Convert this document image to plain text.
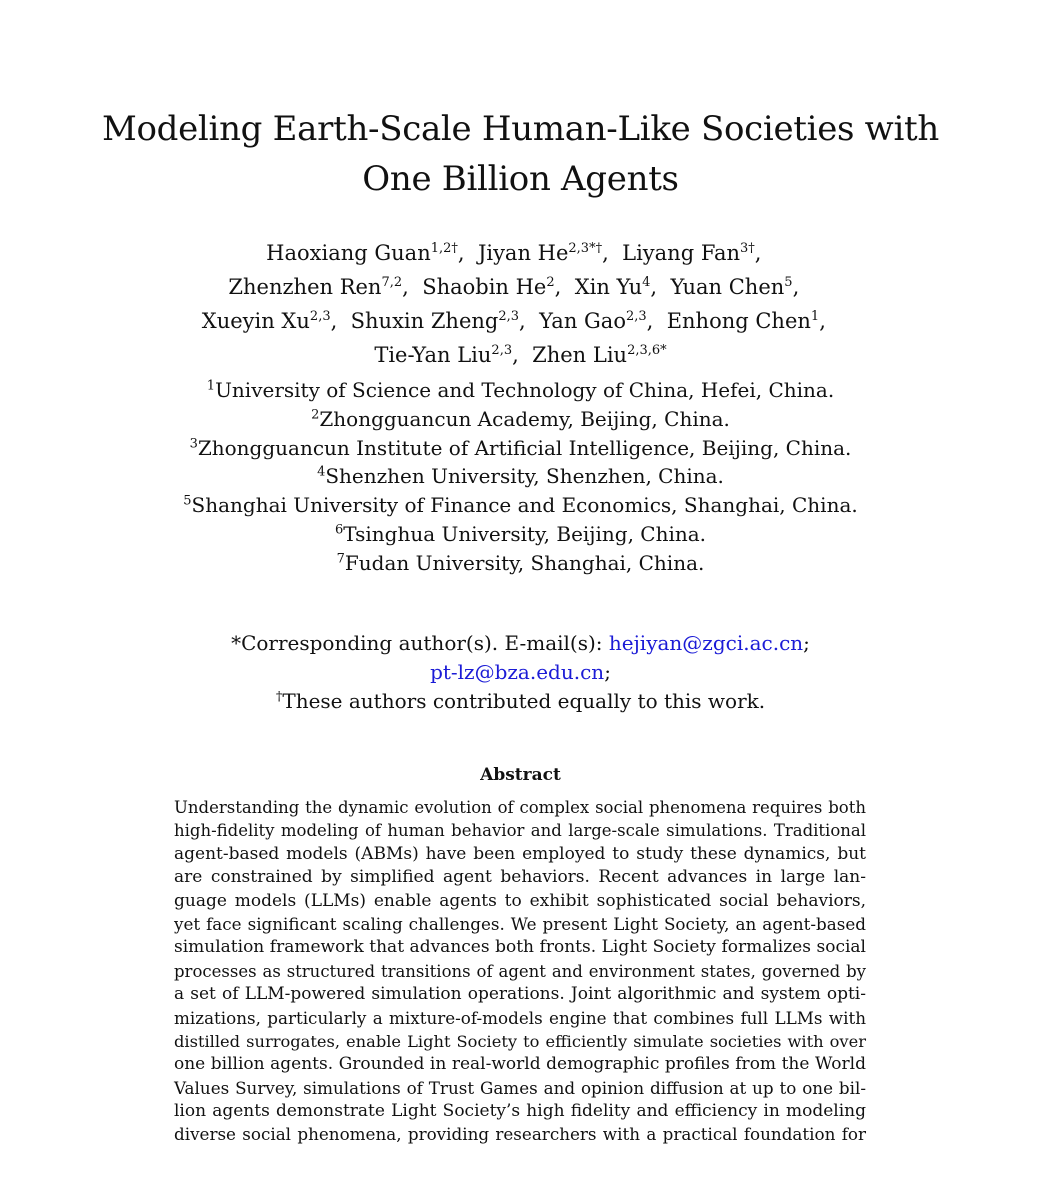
Modeling Earth-Scale Human-Like Societies with
One Billion Agents
Haoxiang Guan$^{1,2\dagger}$,  Jiyan $He^{2,3*\dagger}$,  Liyang Fan$^{3\dagger}$,
Zhenzhen Ren$^{7,2}$,  Shaobin He$^2$,  Xin Yu$^4$,  Yuan Chen$^5$,
Xueyin Xu$^{2,3}$,  Shuxin Zheng$^{2,3}$,  Yan Gao$^{2,3}$,  Enhong Chen$^1$,
Tie-Yan Liu$^{2,3}$,  Zhen Liu$^{2,3,6*}$
$^1$University of Science and Technology of China, Hefei, China.
$^2$Zhongguancun Academy, Beijing, China.
$^3$Zhongguancun Institute of Artificial Intelligence, Beijing, China.
$^4$Shenzhen University, Shenzhen, China.
$^5$Shanghai University of Finance and Economics, Shanghai, China.
$^6$Tsinghua University, Beijing, China.
$^7$Fudan University, Shanghai, China.
*Corresponding author(s). E-mail(s): hejiyan@zgci.ac.cn;
pt-lz@bza.edu.cn;
†These authors contributed equally to this work.
Abstract
Understanding the dynamic evolution of complex social phenomena requires both
high-fidelity modeling of human behavior and large-scale simulations. Traditional
agent-based models (ABMs) have been employed to study these dynamics, but
are constrained by simplified agent behaviors. Recent advances in large lan-
guage models (LLMs) enable agents to exhibit sophisticated social behaviors,
yet face significant scaling challenges. We present Light Society, an agent-based
simulation framework that advances both fronts. Light Society formalizes social
processes as structured transitions of agent and environment states, governed by
a set of LLM-powered simulation operations. Joint algorithmic and system opti-
mizations, particularly a mixture-of-models engine that combines full LLMs with
distilled surrogates, enable Light Society to efficiently simulate societies with over
one billion agents. Grounded in real-world demographic profiles from the World
Values Survey, simulations of Trust Games and opinion diffusion at up to one bil-
lion agents demonstrate Light Society’s high fidelity and efficiency in modeling
diverse social phenomena, providing researchers with a practical foundation for
